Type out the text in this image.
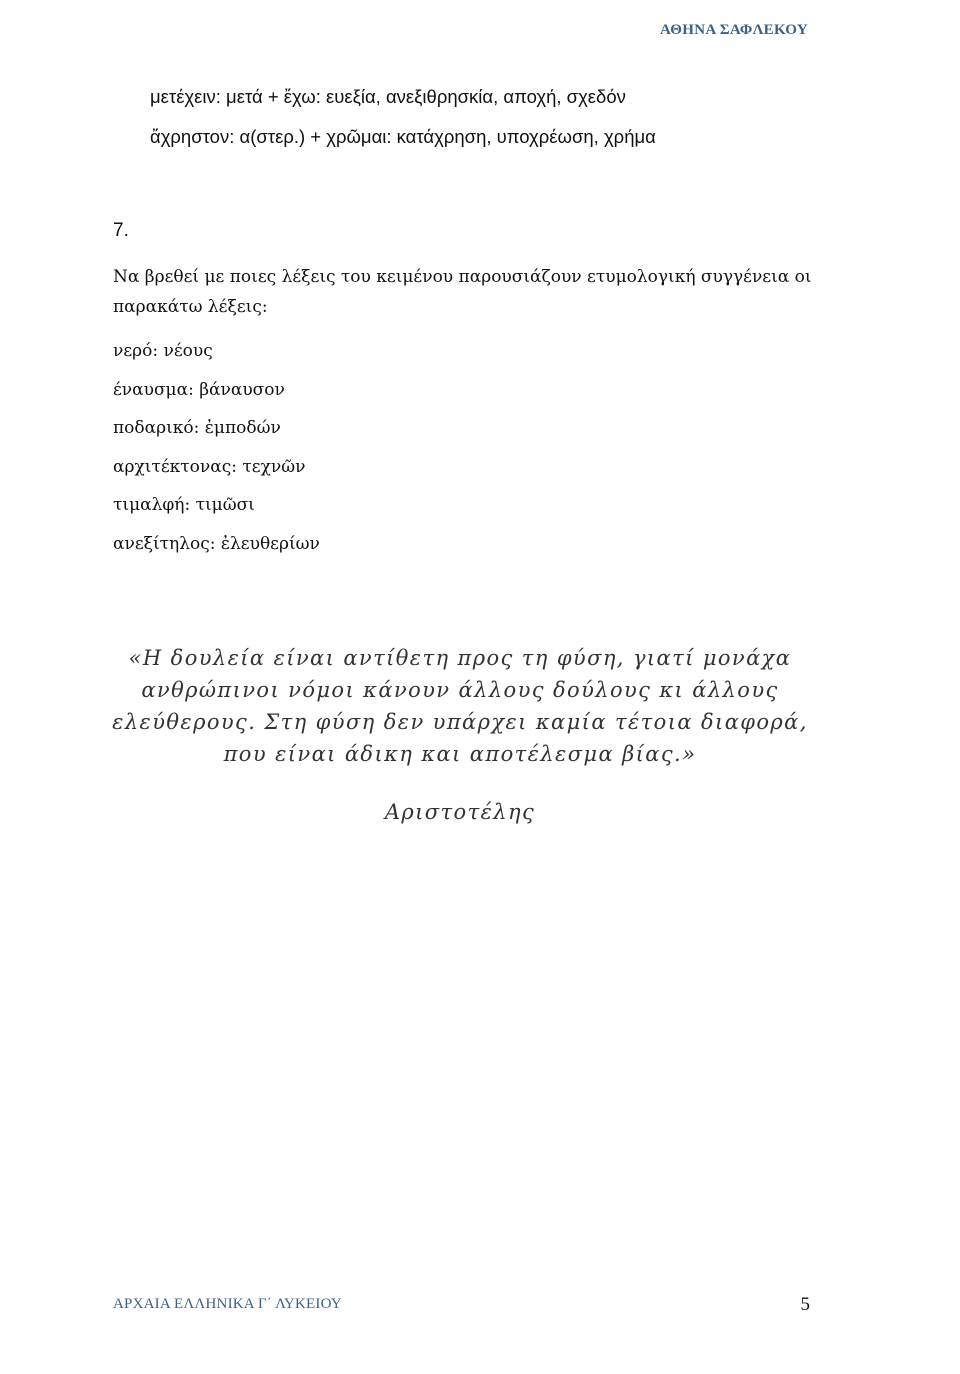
ΑΘΗΝΑ ΣΑΦΛΕΚΟΥ
μετέχειν: μετά + ἔχω: ευεξία, ανεξιθρησκία, αποχή, σχεδόν
ἄχρηστον: α(στερ.) + χρῶμαι: κατάχρηση, υποχρέωση, χρήμα
7.
Να βρεθεί με ποιες λέξεις του κειμένου παρουσιάζουν ετυμολογική συγγένεια οι παρακάτω λέξεις:
νερό: νέους
έναυσμα: βάναυσον
ποδαρικό: ἐμποδών
αρχιτέκτονας: τεχνῶν
τιμαλφή: τιμῶσι
ανεξίτηλος: ἐλευθερίων
«Η δουλεία είναι αντίθετη προς τη φύση, γιατί μονάχα ανθρώπινοι νόμοι κάνουν άλλους δούλους κι άλλους ελεύθερους. Στη φύση δεν υπάρχει καμία τέτοια διαφορά, που είναι άδικη και αποτέλεσμα βίας.»
Αριστοτέλης
ΑΡΧΑΙΑ ΕΛΛΗΝΙΚΑ Γ΄ ΛΥΚΕΙΟΥ	5
